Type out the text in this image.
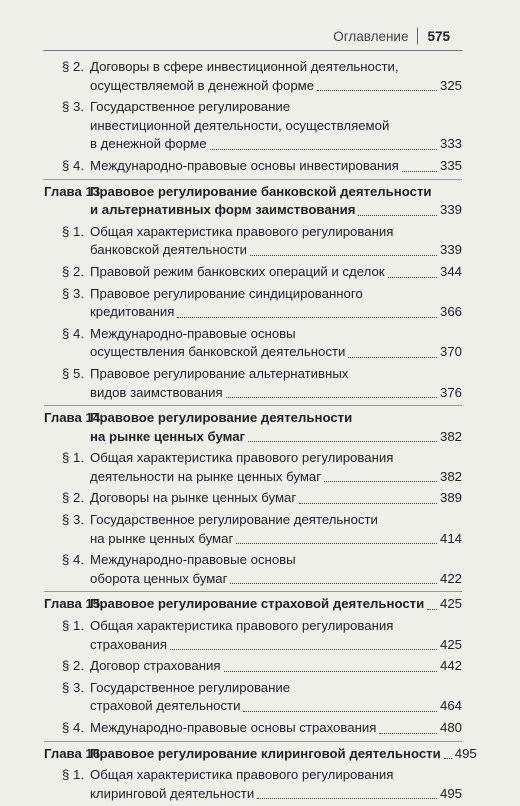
Оглавление 575
§ 2. Договоры в сфере инвестиционной деятельности,
осуществляемой в денежной форме	325
§ 3. Государственное регулирование
инвестиционной деятельности, осуществляемой
в денежной форме	333
§ 4. Международно-правовые основы инвестирования	335
Глава 13.
Правовое регулирование банковской деятельности
и альтернативных форм заимствования	339
§ 1. Общая характеристика правового регулирования
банковской деятельности	339
§ 2. Правовой режим банковских операций и сделок	344
§ 3. Правовое регулирование синдицированного
кредитования	366
§ 4. Международно-правовые основы
осуществления банковской деятельности	370
§ 5. Правовое регулирование альтернативных
видов заимствования	376
Глава 14.
Правовое регулирование деятельности
на рынке ценных бумаг	382
§ 1. Общая характеристика правового регулирования
деятельности на рынке ценных бумаг	382
§ 2. Договоры на рынке ценных бумаг	389
§ 3. Государственное регулирование деятельности
на рынке ценных бумаг	414
§ 4. Международно-правовые основы
оборота ценных бумаг	422
Глава 15.
Правовое регулирование страховой деятельности 425
§ 1. Общая характеристика правового регулирования
страхования	425
§ 2. Договор страхования	442
§ 3. Государственное регулирование
страховой деятельности	464
§ 4. Международно-правовые основы страхования	480
Глава 16.
Правовое регулирование клиринговой деятельности 495
§ 1. Общая характеристика правового регулирования
клиринговой деятельности	495
